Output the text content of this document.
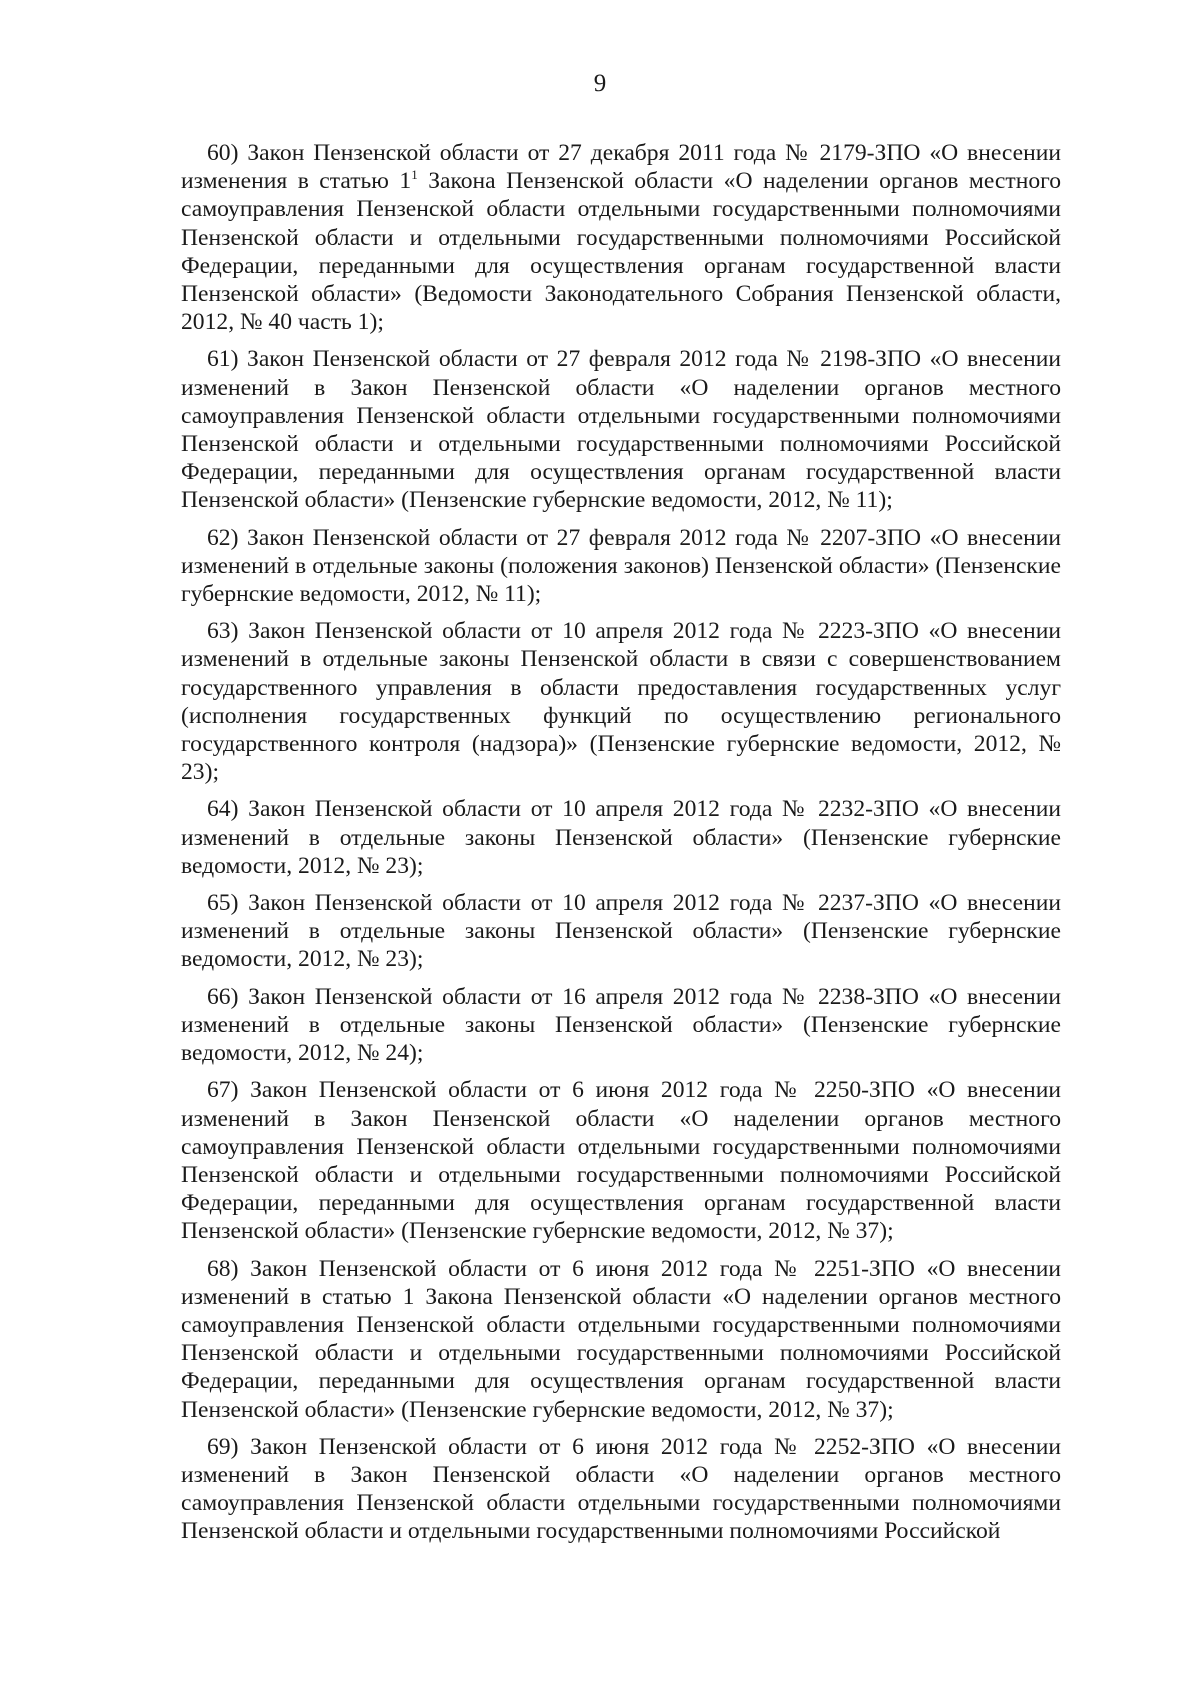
9

60) Закон Пензенской области от 27 декабря 2011 года № 2179-ЗПО «О внесении изменения в статью $1^1$ Закона Пензенской области «О наделении органов местного самоуправления Пензенской области отдельными государственными полномочиями Пензенской области и отдельными государственными полномочиями Российской Федерации, переданными для осуществления органам государственной власти Пензенской области» (Ведомости Законодательного Собрания Пензенской области, 2012, № 40 часть 1);

61) Закон Пензенской области от 27 февраля 2012 года № 2198-ЗПО «О внесении изменений в Закон Пензенской области «О наделении органов местного самоуправления Пензенской области отдельными государственными полномочиями Пензенской области и отдельными государственными полномочиями Российской Федерации, переданными для осуществления органам государственной власти Пензенской области» (Пензенские губернские ведомости, 2012, № 11);

62) Закон Пензенской области от 27 февраля 2012 года № 2207-ЗПО «О внесении изменений в отдельные законы (положения законов) Пензенской области» (Пензенские губернские ведомости, 2012, № 11);

63) Закон Пензенской области от 10 апреля 2012 года № 2223-ЗПО «О внесении изменений в отдельные законы Пензенской области в связи с совершенствованием государственного управления в области предоставления государственных услуг (исполнения государственных функций по осуществлению регионального государственного контроля (надзора)» (Пензенские губернские ведомости, 2012, № 23);

64) Закон Пензенской области от 10 апреля 2012 года № 2232-ЗПО «О внесении изменений в отдельные законы Пензенской области» (Пензенские губернские ведомости, 2012, № 23);

65) Закон Пензенской области от 10 апреля 2012 года № 2237-ЗПО «О внесении изменений в отдельные законы Пензенской области» (Пензенские губернские ведомости, 2012, № 23);

66) Закон Пензенской области от 16 апреля 2012 года № 2238-ЗПО «О внесении изменений в отдельные законы Пензенской области» (Пензенские губернские ведомости, 2012, № 24);

67) Закон Пензенской области от 6 июня 2012 года № 2250-ЗПО «О внесении изменений в Закон Пензенской области «О наделении органов местного самоуправления Пензенской области отдельными государственными полномочиями Пензенской области и отдельными государственными полномочиями Российской Федерации, переданными для осуществления органам государственной власти Пензенской области» (Пензенские губернские ведомости, 2012, № 37);

68) Закон Пензенской области от 6 июня 2012 года № 2251-ЗПО «О внесении изменений в статью 1 Закона Пензенской области «О наделении органов местного самоуправления Пензенской области отдельными государственными полномочиями Пензенской области и отдельными государственными полномочиями Российской Федерации, переданными для осуществления органам государственной власти Пензенской области» (Пензенские губернские ведомости, 2012, № 37);

69) Закон Пензенской области от 6 июня 2012 года № 2252-ЗПО «О внесении изменений в Закон Пензенской области «О наделении органов местного самоуправления Пензенской области отдельными государственными полномочиями Пензенской области и отдельными государственными полномочиями Российской
